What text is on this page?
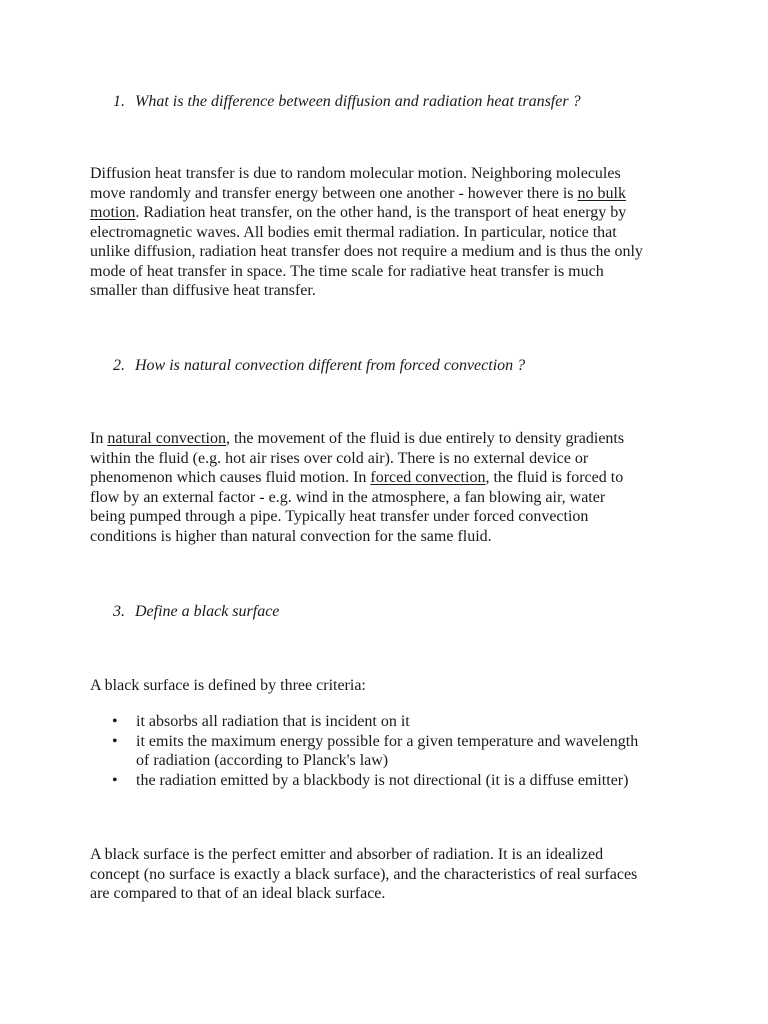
1. What is the difference between diffusion and radiation heat transfer ?
Diffusion heat transfer is due to random molecular motion. Neighboring molecules
move randomly and transfer energy between one another - however there is no bulk
motion. Radiation heat transfer, on the other hand, is the transport of heat energy by
electromagnetic waves. All bodies emit thermal radiation. In particular, notice that
unlike diffusion, radiation heat transfer does not require a medium and is thus the only
mode of heat transfer in space. The time scale for radiative heat transfer is much
smaller than diffusive heat transfer.
2. How is natural convection different from forced convection ?
In natural convection, the movement of the fluid is due entirely to density gradients
within the fluid (e.g. hot air rises over cold air). There is no external device or
phenomenon which causes fluid motion. In forced convection, the fluid is forced to
flow by an external factor - e.g. wind in the atmosphere, a fan blowing air, water
being pumped through a pipe. Typically heat transfer under forced convection
conditions is higher than natural convection for the same fluid.
3. Define a black surface
A black surface is defined by three criteria:
• it absorbs all radiation that is incident on it
• it emits the maximum energy possible for a given temperature and wavelength
of radiation (according to Planck's law)
• the radiation emitted by a blackbody is not directional (it is a diffuse emitter)
A black surface is the perfect emitter and absorber of radiation. It is an idealized
concept (no surface is exactly a black surface), and the characteristics of real surfaces
are compared to that of an ideal black surface.
